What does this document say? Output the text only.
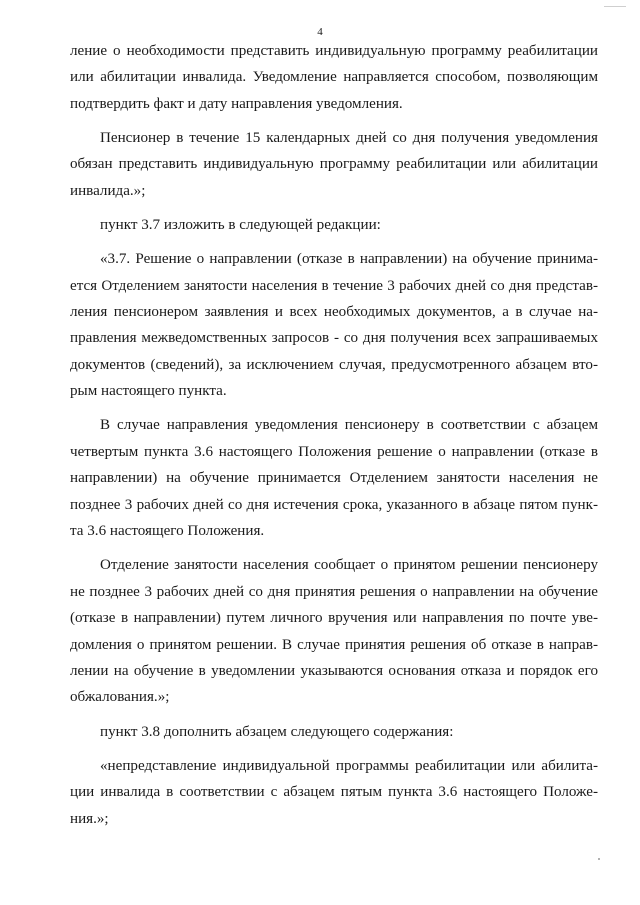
4
ление о необходимости представить индивидуальную программу реабилитации
или абилитации инвалида. Уведомление направляется способом, позволяющим
подтвердить факт и дату направления уведомления.
Пенсионер в течение 15 календарных дней со дня получения уведомления
обязан представить индивидуальную программу реабилитации или абилитации
инвалида.»;
пункт 3.7 изложить в следующей редакции:
«3.7. Решение о направлении (отказе в направлении) на обучение принима-
ется Отделением занятости населения в течение 3 рабочих дней со дня представ-
ления пенсионером заявления и всех необходимых документов, а в случае на-
правления межведомственных запросов - со дня получения всех запрашиваемых
документов (сведений), за исключением случая, предусмотренного абзацем вто-
рым настоящего пункта.
В случае направления уведомления пенсионеру в соответствии с абзацем
четвертым пункта 3.6 настоящего Положения решение о направлении (отказе в
направлении) на обучение принимается Отделением занятости населения не
позднее 3 рабочих дней со дня истечения срока, указанного в абзаце пятом пунк-
та 3.6 настоящего Положения.
Отделение занятости населения сообщает о принятом решении пенсионеру
не позднее 3 рабочих дней со дня принятия решения о направлении на обучение
(отказе в направлении) путем личного вручения или направления по почте уве-
домления о принятом решении. В случае принятия решения об отказе в направ-
лении на обучение в уведомлении указываются основания отказа и порядок его
обжалования.»;
пункт 3.8 дополнить абзацем следующего содержания:
«непредставление индивидуальной программы реабилитации или абилита-
ции инвалида в соответствии с абзацем пятым пункта 3.6 настоящего Положе-
ния.»;
